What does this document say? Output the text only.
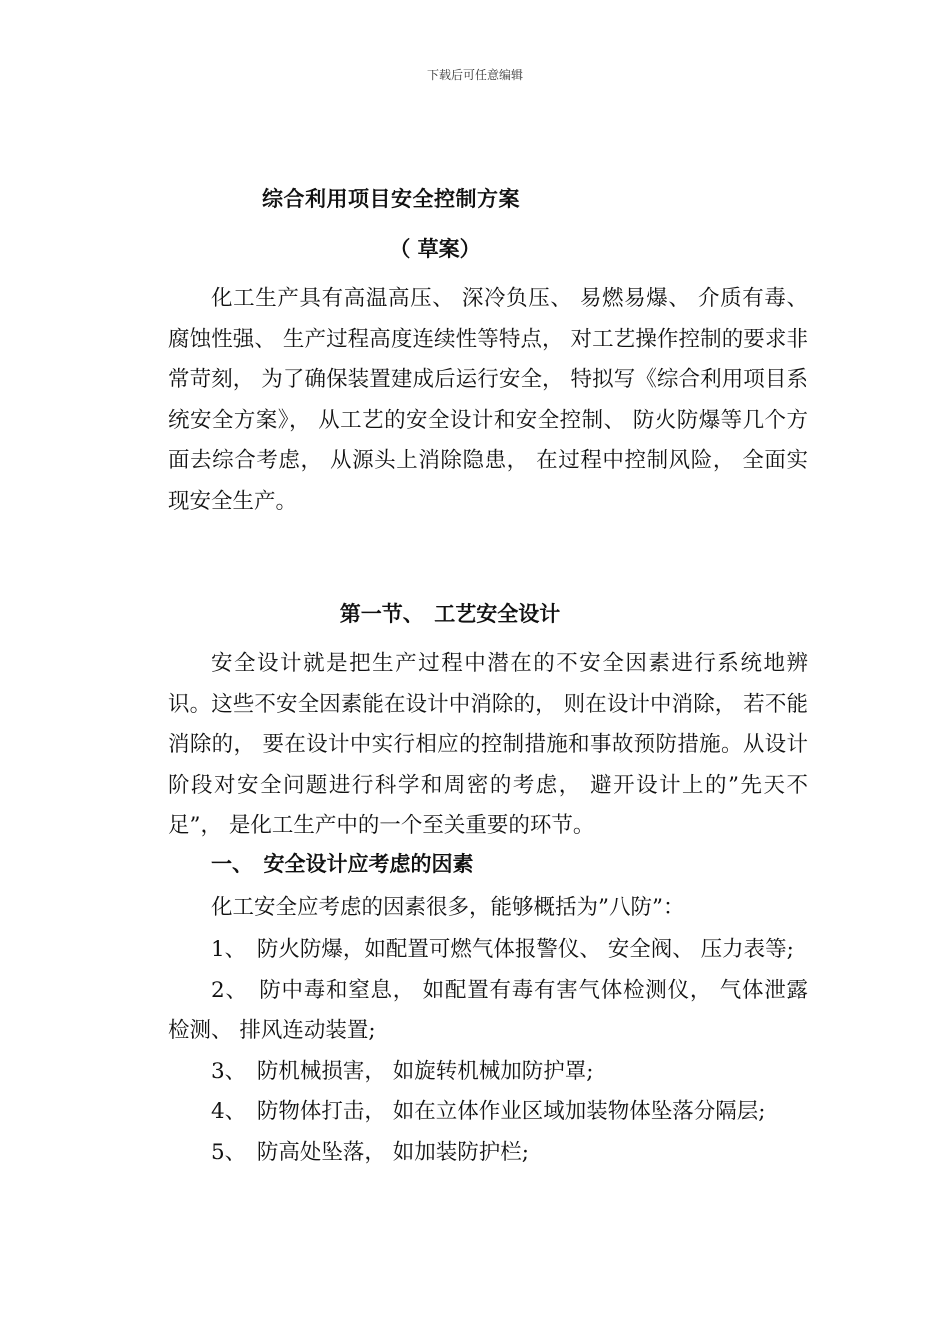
下载后可任意编辑
综合利用项目安全控制方案
（ 草案）

化工生产具有高温高压、 深冷负压、 易燃易爆、 介质有毒、 腐蚀性强、 生产过程高度连续性等特点， 对工艺操作控制的要求非常苛刻， 为了确保装置建成后运行安全， 特拟写《综合利用项目系统安全方案》， 从工艺的安全设计和安全控制、 防火防爆等几个方面去综合考虑， 从源头上消除隐患， 在过程中控制风险， 全面实现安全生产。

第一节、　工艺安全设计

安全设计就是把生产过程中潜在的不安全因素进行系统地辨识。这些不安全因素能在设计中消除的， 则在设计中消除， 若不能消除的， 要在设计中实行相应的控制措施和事故预防措施。从设计阶段对安全问题进行科学和周密的考虑， 避开设计上的”先天不足”， 是化工生产中的一个至关重要的环节。

一、　安全设计应考虑的因素

化工安全应考虑的因素很多，能够概括为”八防”：

1、　防火防爆，如配置可燃气体报警仪、 安全阀、 压力表等;

2、　防中毒和窒息， 如配置有毒有害气体检测仪， 气体泄露检测、 排风连动装置;

3、　防机械损害， 如旋转机械加防护罩;

4、　防物体打击， 如在立体作业区域加装物体坠落分隔层;

5、　防高处坠落， 如加装防护栏;
